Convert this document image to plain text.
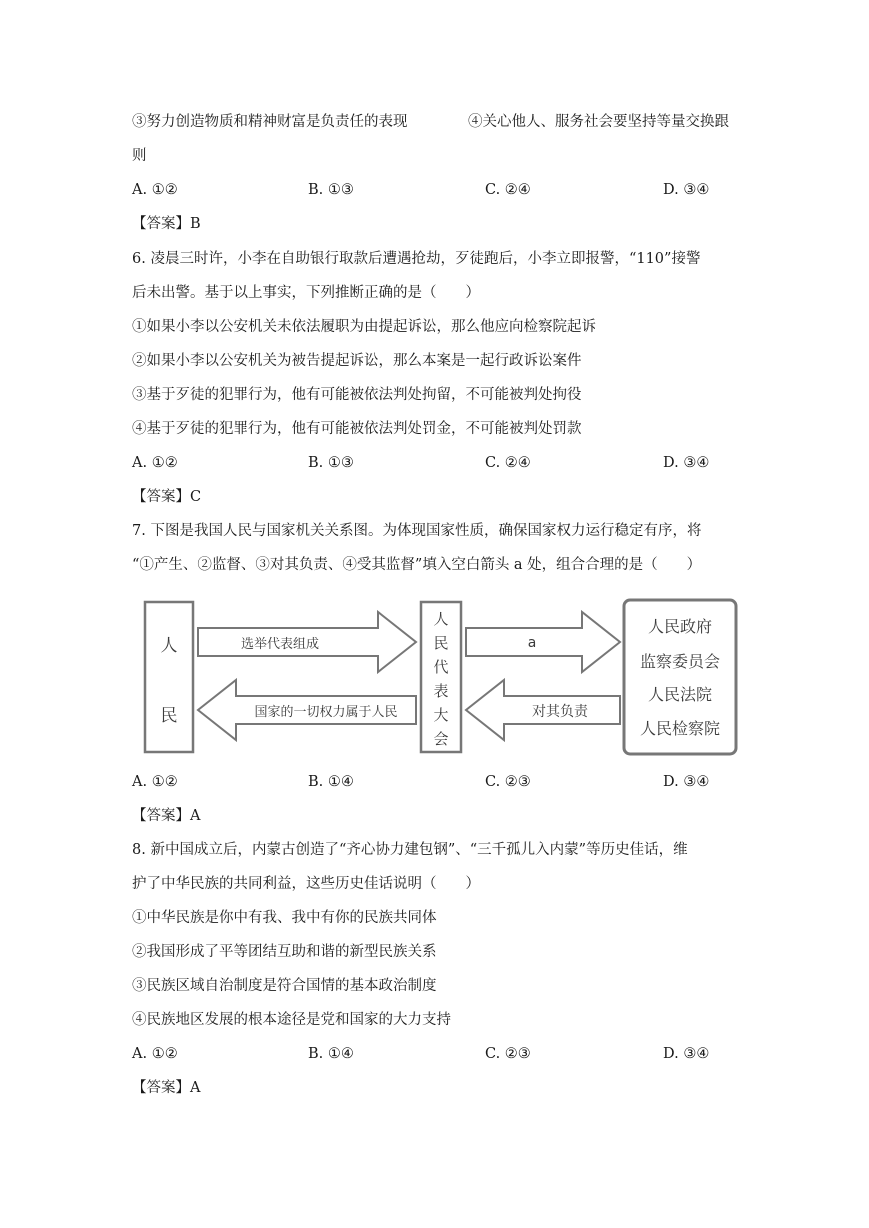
③努力创造物质和精神财富是负责任的表现	④关心他人、服务社会要坚持等量交换跟
则
A. ①②	B. ①③	C. ②④	D. ③④
【答案】B
6. 凌晨三时许，小李在自助银行取款后遭遇抢劫，歹徒跑后，小李立即报警，“110”接警
后未出警。基于以上事实，下列推断正确的是（　　）
①如果小李以公安机关未依法履职为由提起诉讼，那么他应向检察院起诉
②如果小李以公安机关为被告提起诉讼，那么本案是一起行政诉讼案件
③基于歹徒的犯罪行为，他有可能被依法判处拘留，不可能被判处拘役
④基于歹徒的犯罪行为，他有可能被依法判处罚金，不可能被判处罚款
A. ①②	B. ①③	C. ②④	D. ③④
【答案】C
7. 下图是我国人民与国家机关关系图。为体现国家性质，确保国家权力运行稳定有序，将
“①产生、②监督、③对其负责、④受其监督”填入空白箭头 a 处，组合合理的是（　　）
人
民
人
民
代
表
大
会
人民政府
监察委员会
人民法院
人民检察院
选举代表组成
国家的一切权力属于人民
a
对其负责
A. ①②	B. ①④	C. ②③	D. ③④
【答案】A
8. 新中国成立后，内蒙古创造了“齐心协力建包钢”、“三千孤儿入内蒙”等历史佳话，维
护了中华民族的共同利益，这些历史佳话说明（　　）
①中华民族是你中有我、我中有你的民族共同体
②我国形成了平等团结互助和谐的新型民族关系
③民族区域自治制度是符合国情的基本政治制度
④民族地区发展的根本途径是党和国家的大力支持
A. ①②	B. ①④	C. ②③	D. ③④
【答案】A
